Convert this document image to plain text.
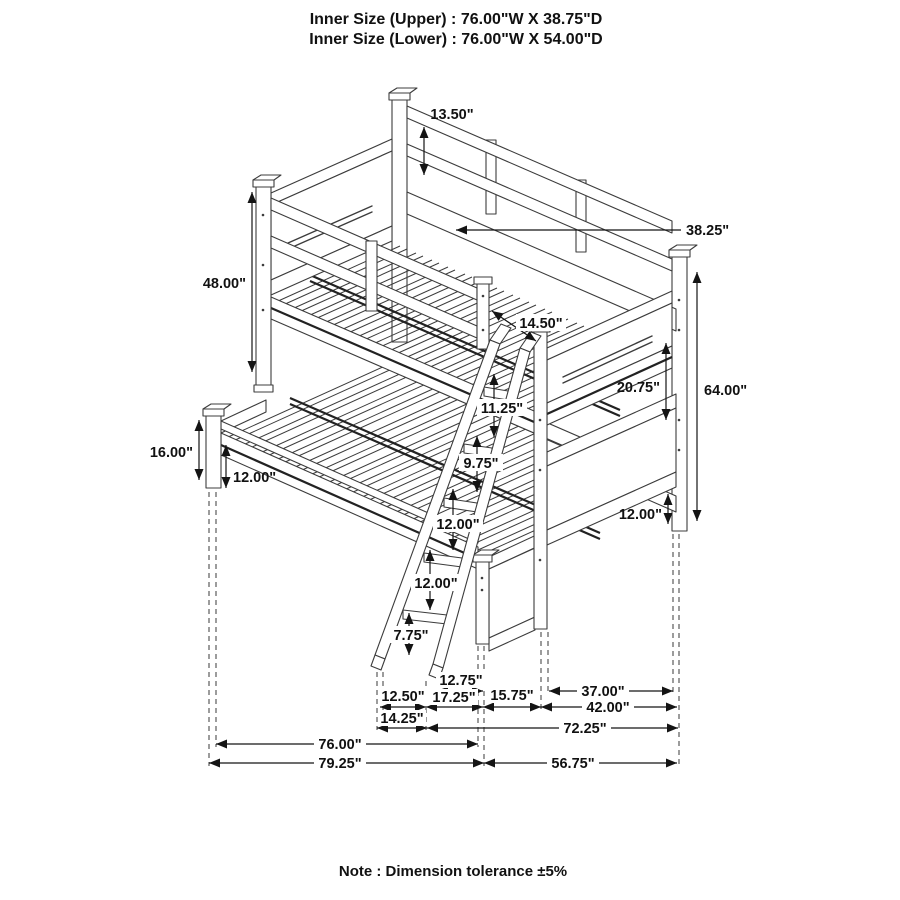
Inner Size (Upper) : 76.00"W X 38.75"D
Inner Size (Lower) : 76.00"W X 54.00"D
13.50"
48.00"
38.25"
14.50"
64.00"
20.75"
16.00"
12.00"
11.25"
9.75"
12.00"
12.00"
7.75"
12.00"
12.75"
37.00"
12.50" 17.25" 15.75"
42.00"
14.25"
72.25"
76.00"
79.25"	56.75"
Note : Dimension tolerance ±5%
